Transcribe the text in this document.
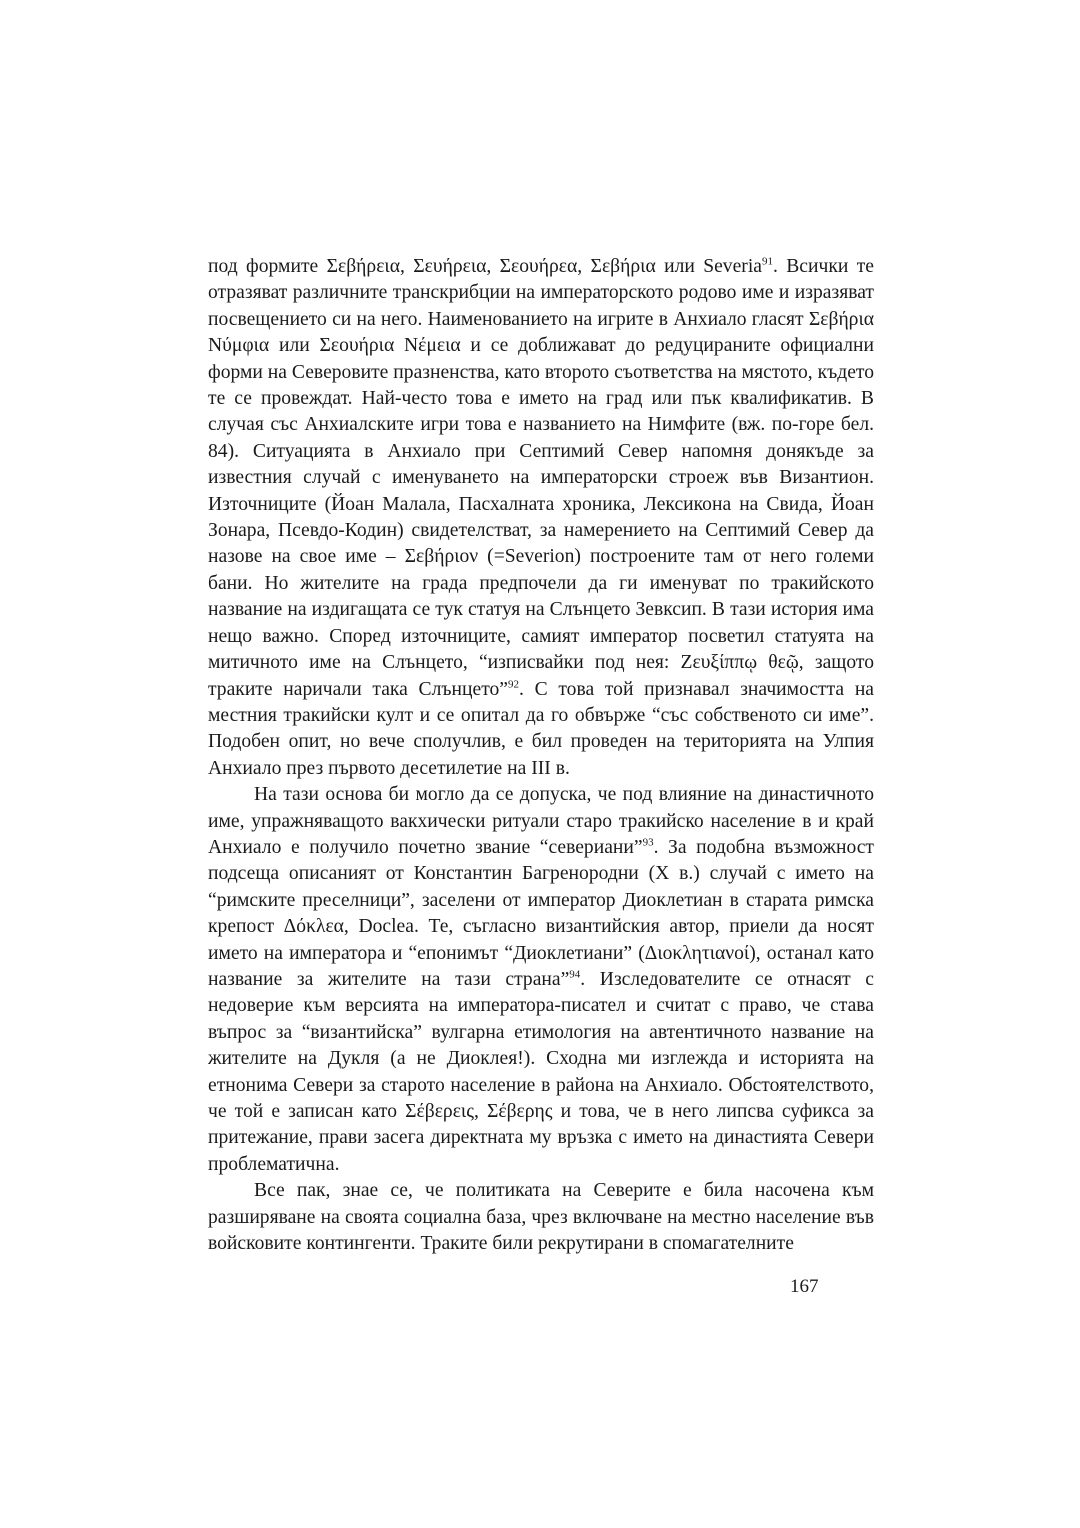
под формите Σεβήρεια, Σευήρεια, Σεουήρεα, Σεβήρια или Severia$^{91}$. Всички те отразяват различните транскрибции на императорското родово име и изразяват посвещението си на него. Наименованието на игрите в Анхиало гласят Σεβήρια Νύμφια или Σεουήρια Νέμεια и се доближават до редуцираните официални форми на Северовите празненства, като второто съответства на мястото, където те се провеждат. Най-често това е името на град или пък квалификатив. В случая със Анхиалските игри това е названието на Нимфите (вж. по-горе бел. 84). Ситуацията в Анхиало при Септимий Север напомня донякъде за известния случай с именуването на императорски строеж във Византион. Източниците (Йоан Малала, Пасхалната хроника, Лексикона на Свида, Йоан Зонара, Псевдо-Кодин) свидетелстват, за намерението на Септимий Север да назове на свое име – Σεβήριον (=Severion) построените там от него големи бани. Но жителите на града предпочели да ги именуват по тракийското название на издигащата се тук статуя на Слънцето Зевксип. В тази история има нещо важно. Според източниците, самият император посветил статуята на митичното име на Слънцето, “изписвайки под нея: Ζευξίππῳ θεῷ, защото траките наричали така Слънцето”$^{92}$. С това той признавал значимостта на местния тракийски култ и се опитал да го обвърже “със собственото си име”. Подобен опит, но вече сполучлив, е бил проведен на територията на Улпия Анхиало през първото десетилетие на III в.

На тази основа би могло да се допуска, че под влияние на династичното име, упражняващото вакхически ритуали старо тракийско население в и край Анхиало е получило почетно звание “севериани”$^{93}$. За подобна възможност подсеща описаният от Константин Багренородни (X в.) случай с името на “римските преселници”, заселени от император Диоклетиан в старата римска крепост Δόκλεα, Doclea. Те, съгласно византийския автор, приели да носят името на императора и “епонимът “Диоклетиани” (Διοκλητιανοί), останал като название за жителите на тази страна”$^{94}$. Изследователите се отнасят с недоверие към версията на императора-писател и считат с право, че става въпрос за “византийска” вулгарна етимология на автентичното название на жителите на Дукля (а не Диоклея!). Сходна ми изглежда и историята на етнонима Севери за старото население в района на Анхиало. Обстоятелството, че той е записан като Σέβερεις, Σέβερης и това, че в него липсва суфикса за притежание, прави засега директната му връзка с името на династията Севери проблематична.

Все пак, знае се, че политиката на Северите е била насочена към разширяване на своята социална база, чрез включване на местно население във войсковите контингенти. Траките били рекрутирани в спомагателните

167
